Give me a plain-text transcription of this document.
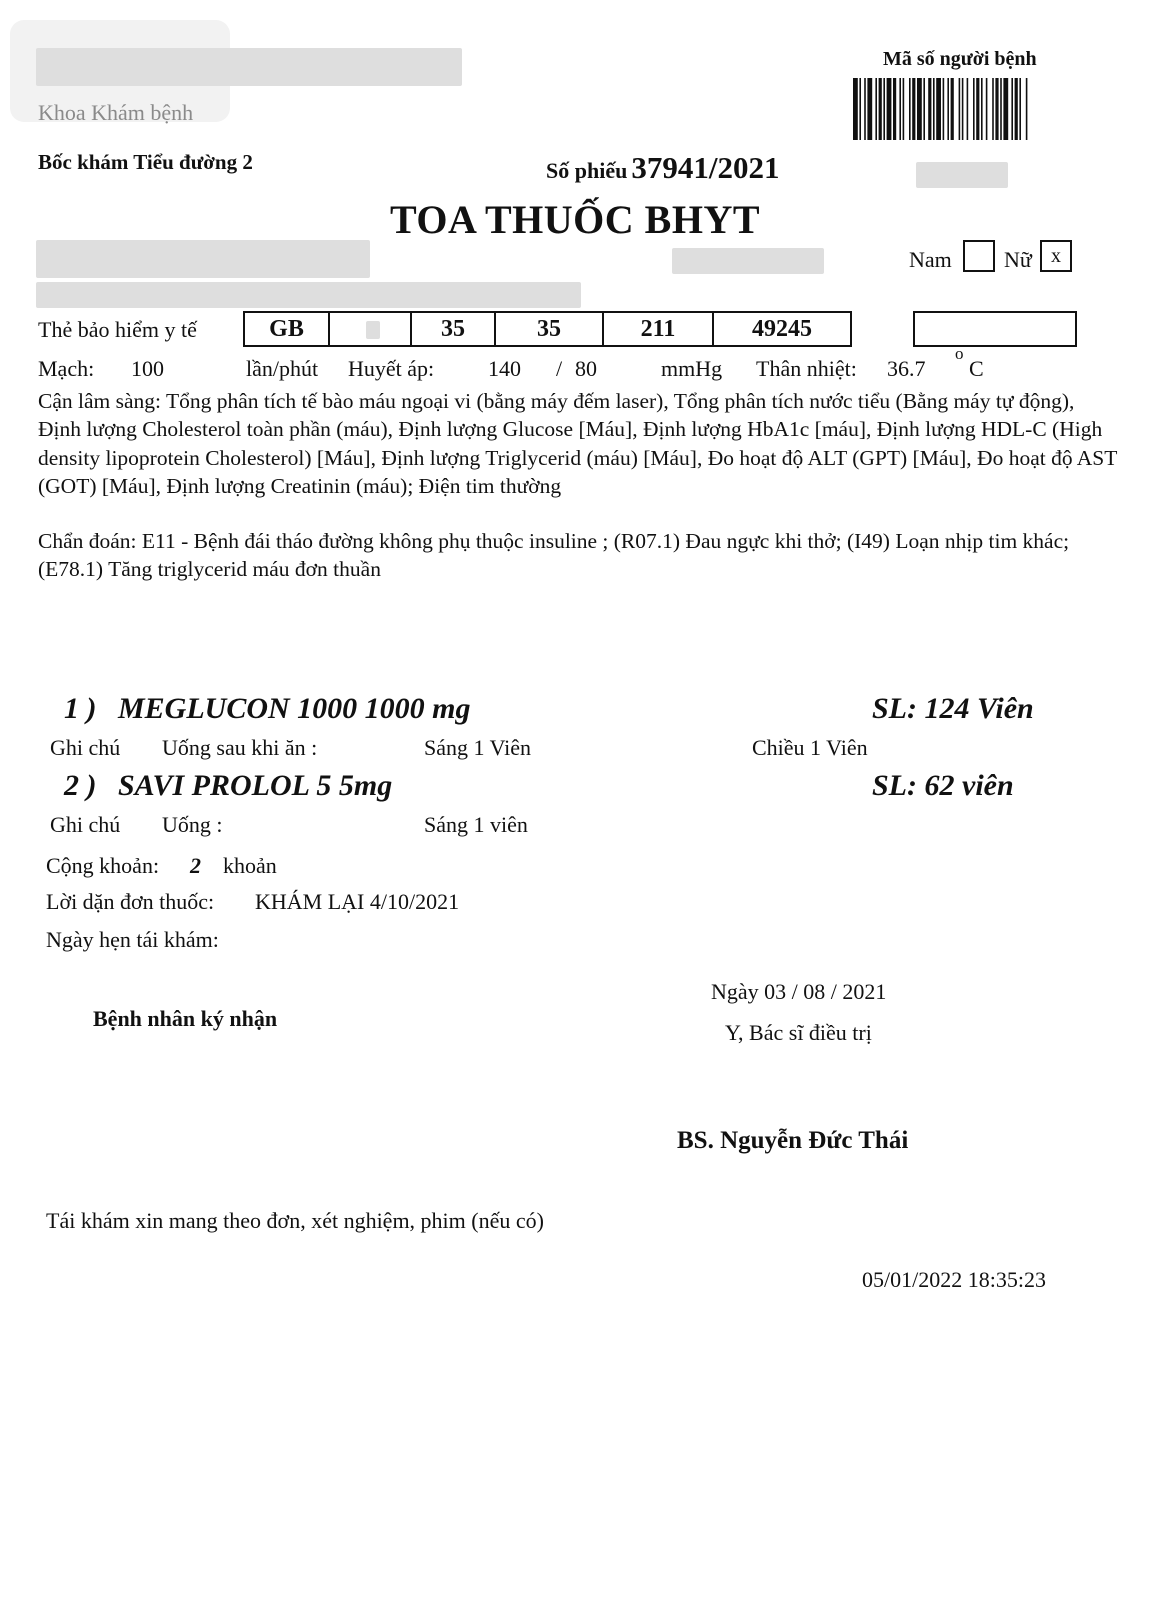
Khoa Khám bệnh
Bốc khám Tiểu đường 2
Mã số người bệnh
Số phiếu 37941/2021
TOA THUỐC BHYT
Nam Nữ x
Thẻ bảo hiểm y tế	GB	35	35	211	49245
Mạch: 100	lần/phút Huyết áp: 140 / 80	mmHg Thân nhiệt: 36.7
o
C
Cận lâm sàng: Tổng phân tích tế bào máu ngoại vi (bằng máy đếm laser), Tổng phân tích nước tiểu (Bằng máy tự động), Định lượng Cholesterol toàn phần (máu), Định lượng Glucose [Máu], Định lượng HbA1c [máu], Định lượng HDL-C (High density lipoprotein Cholesterol) [Máu], Định lượng Triglycerid (máu) [Máu], Đo hoạt độ ALT (GPT) [Máu], Đo hoạt độ AST (GOT) [Máu], Định lượng Creatinin (máu); Điện tim thường
Chẩn đoán: E11 - Bệnh đái tháo đường không phụ thuộc insuline ; (R07.1) Đau ngực khi thở; (I49) Loạn nhịp tim khác; (E78.1) Tăng triglycerid máu đơn thuần
1 ) MEGLUCON 1000 1000 mg	SL: 124 Viên
Ghi chú Uống sau khi ăn :	Sáng 1 Viên	Chiều 1 Viên
2 ) SAVI PROLOL 5 5mg	SL: 62 viên
Ghi chú Uống :	Sáng 1 viên
Cộng khoản: 2 khoản
Lời dặn đơn thuốc: KHÁM LẠI 4/10/2021
Ngày hẹn tái khám:
Ngày 03 / 08 / 2021
Y, Bác sĩ điều trị
Bệnh nhân ký nhận
BS. Nguyễn Đức Thái
Tái khám xin mang theo đơn, xét nghiệm, phim (nếu có)
05/01/2022 18:35:23
